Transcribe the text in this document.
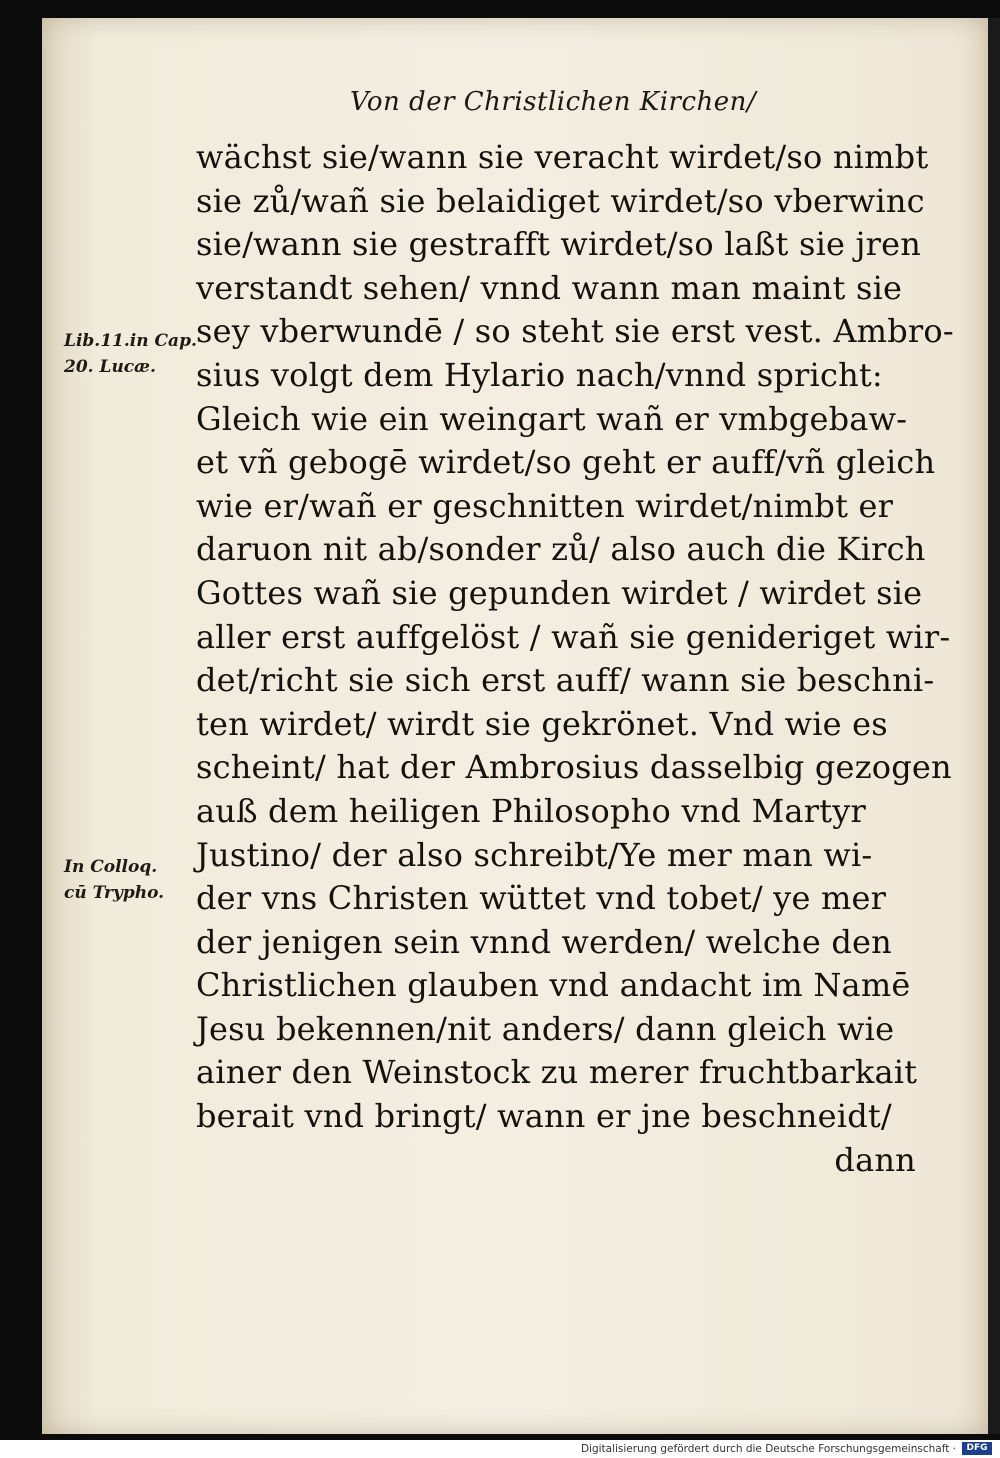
Von der Christlichen Kirchen/
Lib.11.in Cap.
20. Lucæ.
In Colloq.
cū Trypho.
wächst sie/wann sie veracht wirdet/so nimbt
sie zů/wañ sie belaidiget wirdet/so vberwinc
sie/wann sie gestrafft wirdet/so laßt sie jren
verstandt sehen/ vnnd wann man maint sie
sey vberwundē / so steht sie erst vest. Ambro-
sius volgt dem Hylario nach/vnnd spricht:
Gleich wie ein weingart wañ er vmbgebaw-
et vñ gebogē wirdet/so geht er auff/vñ gleich
wie er/wañ er geschnitten wirdet/nimbt er
daruon nit ab/sonder zů/ also auch die Kirch
Gottes wañ sie gepunden wirdet / wirdet sie
aller erst auffgelöst / wañ sie genideriget wir-
det/richt sie sich erst auff/ wann sie beschni-
ten wirdet/ wirdt sie gekrönet. Vnd wie es
scheint/ hat der Ambrosius dasselbig gezogen
auß dem heiligen Philosopho vnd Martyr
Justino/ der also schreibt/Ye mer man wi-
der vns Christen wüttet vnd tobet/ ye mer
der jenigen sein vnnd werden/ welche den
Christlichen glauben vnd andacht im Namē
Jesu bekennen/nit anders/ dann gleich wie
ainer den Weinstock zu merer fruchtbarkait
berait vnd bringt/ wann er jne beschneidt/
dann
Digitalisierung gefördert durch die Deutsche Forschungsgemeinschaft ·	DFG
